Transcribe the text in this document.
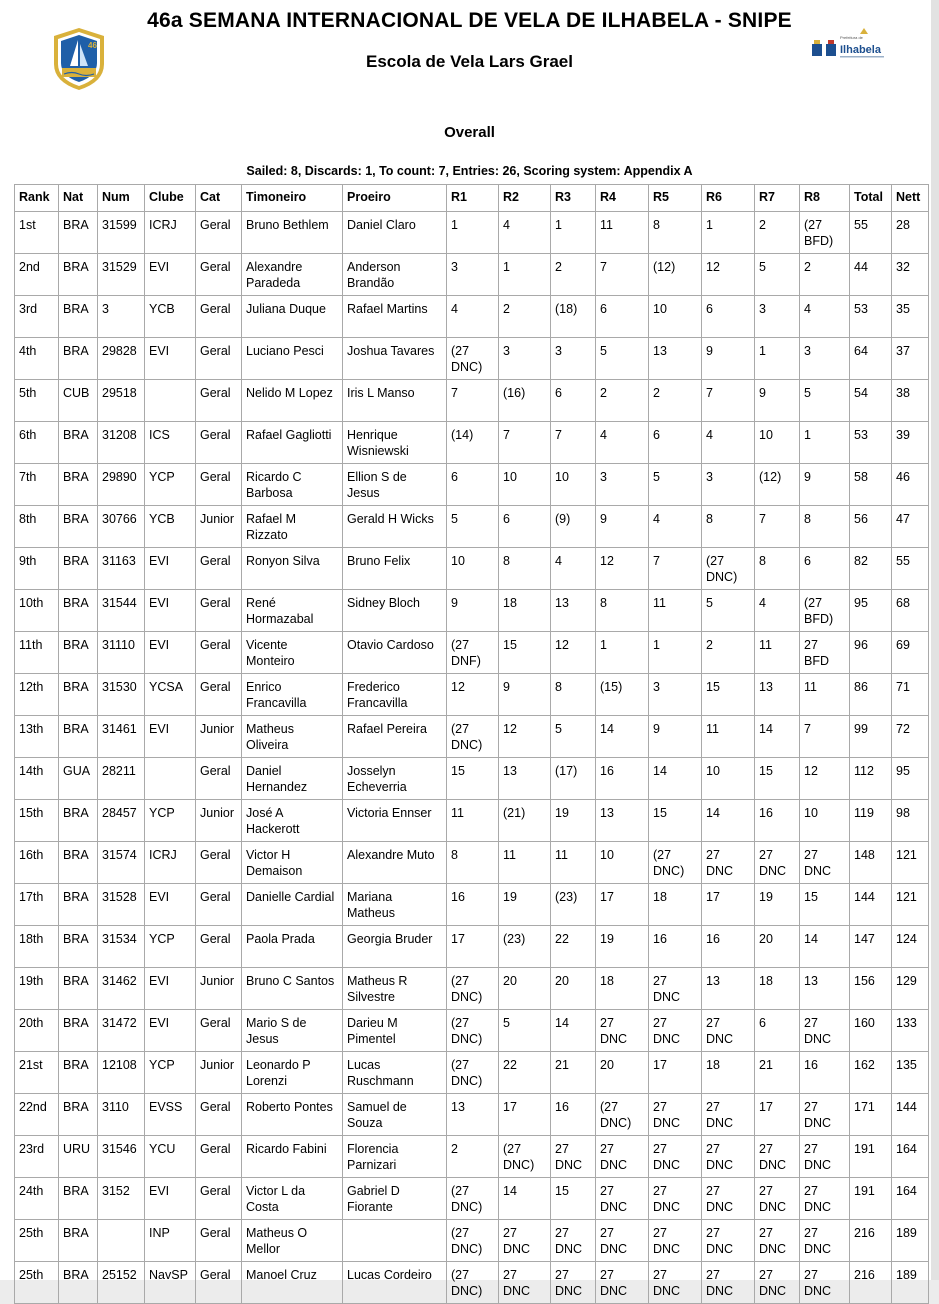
46
Prefeitura de
Ilhabela
46a SEMANA INTERNACIONAL DE VELA DE ILHABELA - SNIPE
Escola de Vela Lars Grael
Overall
Sailed: 8, Discards: 1, To count: 7, Entries: 26, Scoring system: Appendix A
Rank	Nat	Num	Clube	Cat	Timoneiro	Proeiro	R1	R2	R3	R4	R5	R6	R7	R8	Total	Nett
1st	BRA	31599	ICRJ	Geral	Bruno Bethlem	Daniel Claro	1	4	1	11	8	1	2	(27 BFD)	55	28
2nd	BRA	31529	EVI	Geral	Alexandre Paradeda	Anderson Brandão	3	1	2	7	(12)	12	5	2	44	32
3rd	BRA	3	YCB	Geral	Juliana Duque	Rafael Martins	4	2	(18)	6	10	6	3	4	53	35
4th	BRA	29828	EVI	Geral	Luciano Pesci	Joshua Tavares	(27 DNC)	3	3	5	13	9	1	3	64	37
5th	CUB	29518		Geral	Nelido M Lopez	Iris L Manso	7	(16)	6	2	2	7	9	5	54	38
6th	BRA	31208	ICS	Geral	Rafael Gagliotti	Henrique Wisniewski	(14)	7	7	4	6	4	10	1	53	39
7th	BRA	29890	YCP	Geral	Ricardo C Barbosa	Ellion S de Jesus	6	10	10	3	5	3	(12)	9	58	46
8th	BRA	30766	YCB	Junior	Rafael M Rizzato	Gerald H Wicks	5	6	(9)	9	4	8	7	8	56	47
9th	BRA	31163	EVI	Geral	Ronyon Silva	Bruno Felix	10	8	4	12	7	(27 DNC)	8	6	82	55
10th	BRA	31544	EVI	Geral	René Hormazabal	Sidney Bloch	9	18	13	8	11	5	4	(27 BFD)	95	68
11th	BRA	31110	EVI	Geral	Vicente Monteiro	Otavio Cardoso	(27 DNF)	15	12	1	1	2	11	27 BFD	96	69
12th	BRA	31530	YCSA	Geral	Enrico Francavilla	Frederico Francavilla	12	9	8	(15)	3	15	13	11	86	71
13th	BRA	31461	EVI	Junior	Matheus Oliveira	Rafael Pereira	(27 DNC)	12	5	14	9	11	14	7	99	72
14th	GUA	28211		Geral	Daniel Hernandez	Josselyn Echeverria	15	13	(17)	16	14	10	15	12	112	95
15th	BRA	28457	YCP	Junior	José A Hackerott	Victoria Ennser	11	(21)	19	13	15	14	16	10	119	98
16th	BRA	31574	ICRJ	Geral	Victor H Demaison	Alexandre Muto	8	11	11	10	(27 DNC)	27 DNC	27 DNC	27 DNC	148	121
17th	BRA	31528	EVI	Geral	Danielle Cardial	Mariana Matheus	16	19	(23)	17	18	17	19	15	144	121
18th	BRA	31534	YCP	Geral	Paola Prada	Georgia Bruder	17	(23)	22	19	16	16	20	14	147	124
19th	BRA	31462	EVI	Junior	Bruno C Santos	Matheus R Silvestre	(27 DNC)	20	20	18	27 DNC	13	18	13	156	129
20th	BRA	31472	EVI	Geral	Mario S de Jesus	Darieu M Pimentel	(27 DNC)	5	14	27 DNC	27 DNC	27 DNC	6	27 DNC	160	133
21st	BRA	12108	YCP	Junior	Leonardo P Lorenzi	Lucas Ruschmann	(27 DNC)	22	21	20	17	18	21	16	162	135
22nd	BRA	3110	EVSS	Geral	Roberto Pontes	Samuel de Souza	13	17	16	(27 DNC)	27 DNC	27 DNC	17	27 DNC	171	144
23rd	URU	31546	YCU	Geral	Ricardo Fabini	Florencia Parnizari	2	(27 DNC)	27 DNC	27 DNC	27 DNC	27 DNC	27 DNC	27 DNC	191	164
24th	BRA	3152	EVI	Geral	Victor L da Costa	Gabriel D Fiorante	(27 DNC)	14	15	27 DNC	27 DNC	27 DNC	27 DNC	27 DNC	191	164
25th	BRA		INP	Geral	Matheus O Mellor		(27 DNC)	27 DNC	27 DNC	27 DNC	27 DNC	27 DNC	27 DNC	27 DNC	216	189
25th	BRA	25152	NavSP	Geral	Manoel Cruz	Lucas Cordeiro	(27 DNC)	27 DNC	27 DNC	27 DNC	27 DNC	27 DNC	27 DNC	27 DNC	216	189
